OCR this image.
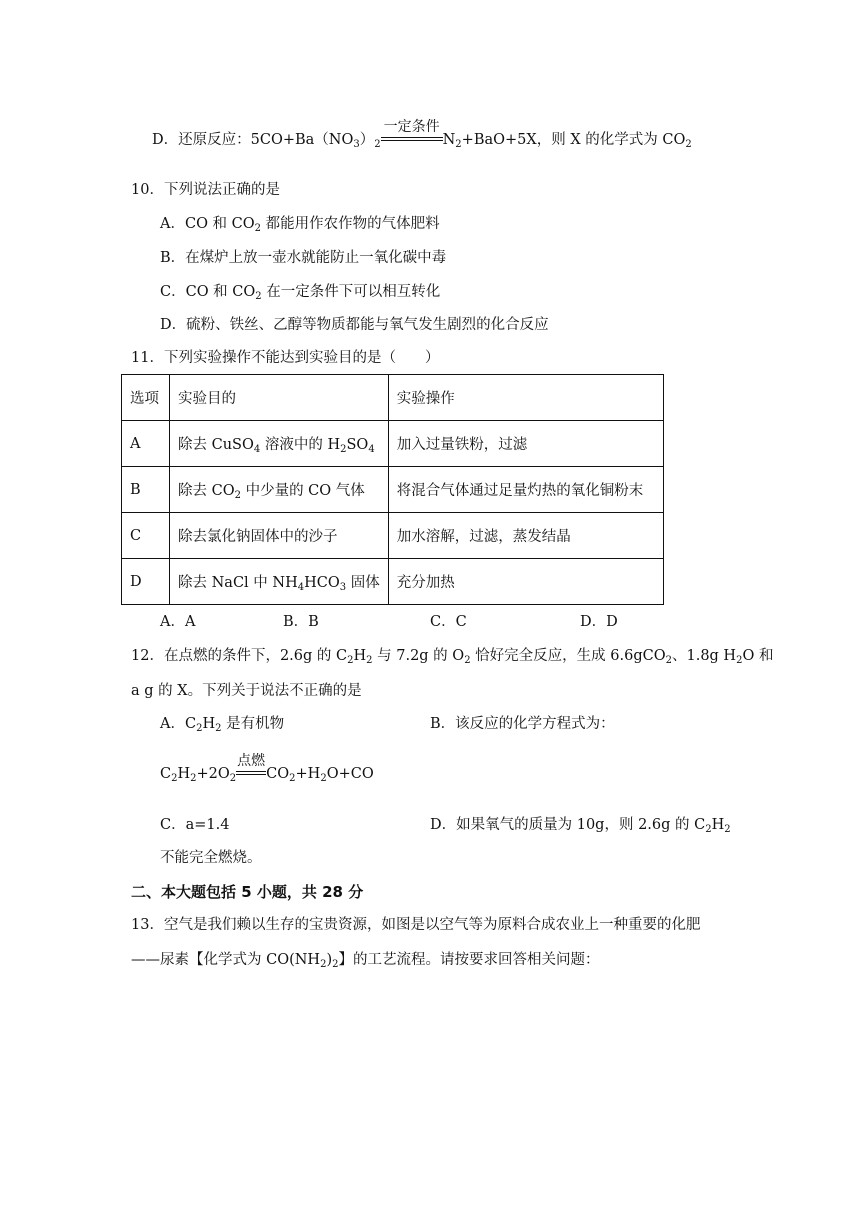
D．还原反应：$5CO+Ba(NO_3)_2$
一定条件
$N_2+BaO+5X$，则 X 的化学式为 $CO_2$
10．下列说法正确的是
A．CO 和 $CO_2$ 都能用作农作物的气体肥料
B．在煤炉上放一壶水就能防止一氧化碳中毒
C．CO 和 $CO_2$ 在一定条件下可以相互转化
D．硫粉、铁丝、乙醇等物质都能与氧气发生剧烈的化合反应
11．下列实验操作不能达到实验目的是（　　）
选项	实验目的	实验操作
A	除去 CuSO$_4$ 溶液中的 $H_2SO_4$	加入过量铁粉，过滤
B	除去 $CO_2$ 中少量的 CO 气体	将混合气体通过足量灼热的氧化铜粉末
C	除去氯化钠固体中的沙子	加水溶解，过滤，蒸发结晶
D	除去 NaCl 中 $NH_4HCO_3$ 固体	充分加热
A．A	B．B	C．C	D．D
12．在点燃的条件下，2.6g 的 $C_2H_2$ 与 7.2g 的 $O_2$ 恰好完全反应，生成 6.6gCO$_2$、1.8g $H_2O$ 和
a g 的 X。下列关于说法不正确的是
A．$C_2H_2$ 是有机物	B．该反应的化学方程式为：
$C_2H_2+2O_2$
点燃
$CO_2+H_2O+CO$
C．a=1.4	D．如果氧气的质量为 10g，则 2.6g 的 $C_2H_2$
不能完全燃烧。
二、本大题包括 5 小题，共 28 分
13．空气是我们赖以生存的宝贵资源，如图是以空气等为原料合成农业上一种重要的化肥
——尿素【化学式为 $CO(NH_2)_2$】的工艺流程。请按要求回答相关问题：
